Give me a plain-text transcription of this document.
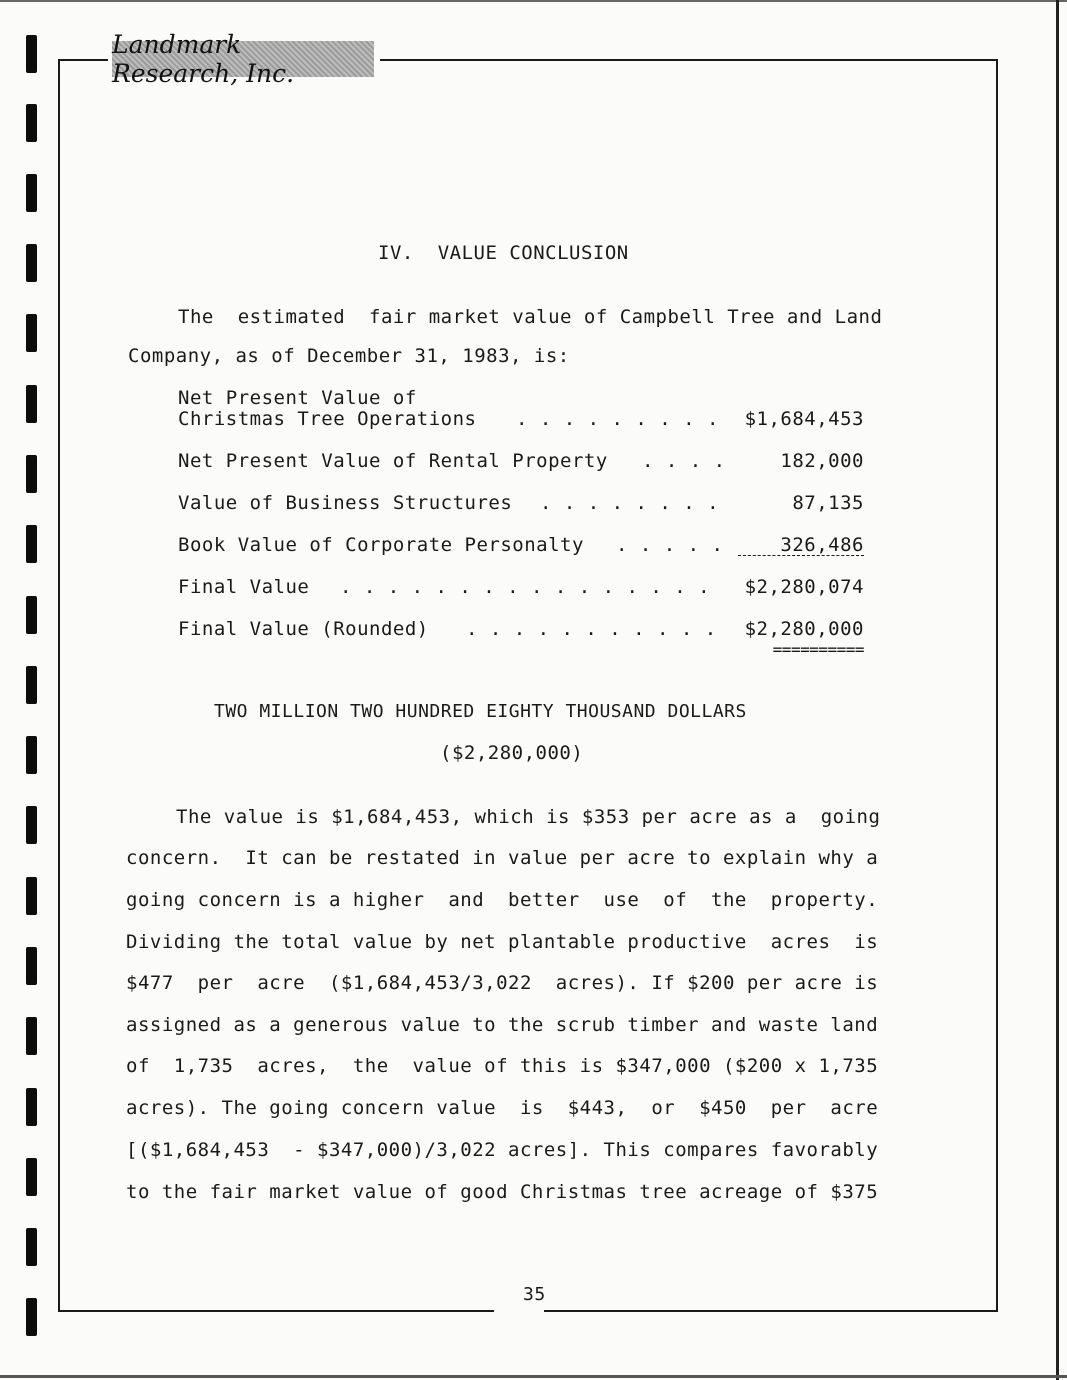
Landmark Research, Inc.
IV.  VALUE CONCLUSION
The  estimated  fair market value of Campbell Tree and Land
Company, as of December 31, 1983, is:
Net Present Value of
Christmas Tree Operations . . . . . . . . .	$1,684,453
Net Present Value of Rental Property . . . .	182,000
Value of Business Structures . . . . . . . .	87,135
Book Value of Corporate Personalty . . . . .	326,486
Final Value . . . . . . . . . . . . . . . .	$2,280,074
Final Value (Rounded) . . . . . . . . . . .	$2,280,000
==========
TWO MILLION TWO HUNDRED EIGHTY THOUSAND DOLLARS
($2,280,000)
The value is $1,684,453, which is $353 per acre as a  going
concern.  It can be restated in value per acre to explain why a
going concern is a higher  and  better  use  of  the  property.
Dividing the total value by net plantable productive  acres  is
$477  per  acre  ($1,684,453/3,022  acres). If $200 per acre is
assigned as a generous value to the scrub timber and waste land
of  1,735  acres,  the  value of this is $347,000 ($200 x 1,735
acres). The going concern value  is  $443,  or  $450  per  acre
[($1,684,453  - $347,000)/3,022 acres]. This compares favorably
to the fair market value of good Christmas tree acreage of $375
35
